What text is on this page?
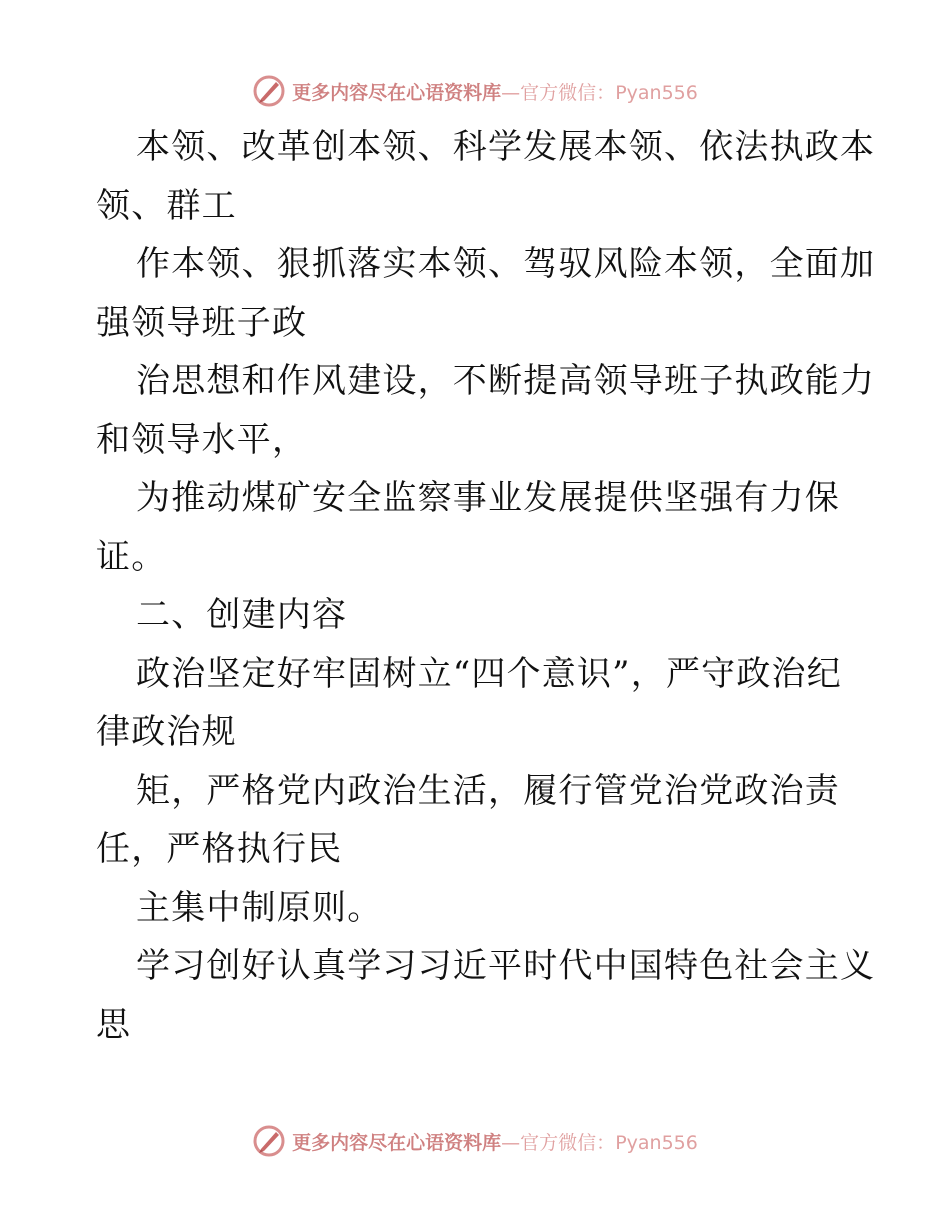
更多内容尽在心语资料库—官方微信：Pyan556
本领、改革创本领、科学发展本领、依法执政本
领、群工
作本领、狠抓落实本领、驾驭风险本领，全面加
强领导班子政
治思想和作风建设，不断提高领导班子执政能力
和领导水平，
为推动煤矿安全监察事业发展提供坚强有力保
证。
二、创建内容
政治坚定好牢固树立“四个意识”，严守政治纪
律政治规
矩，严格党内政治生活，履行管党治党政治责
任，严格执行民
主集中制原则。
学习创好认真学习习近平时代中国特色社会主义
思
更多内容尽在心语资料库—官方微信：Pyan556
